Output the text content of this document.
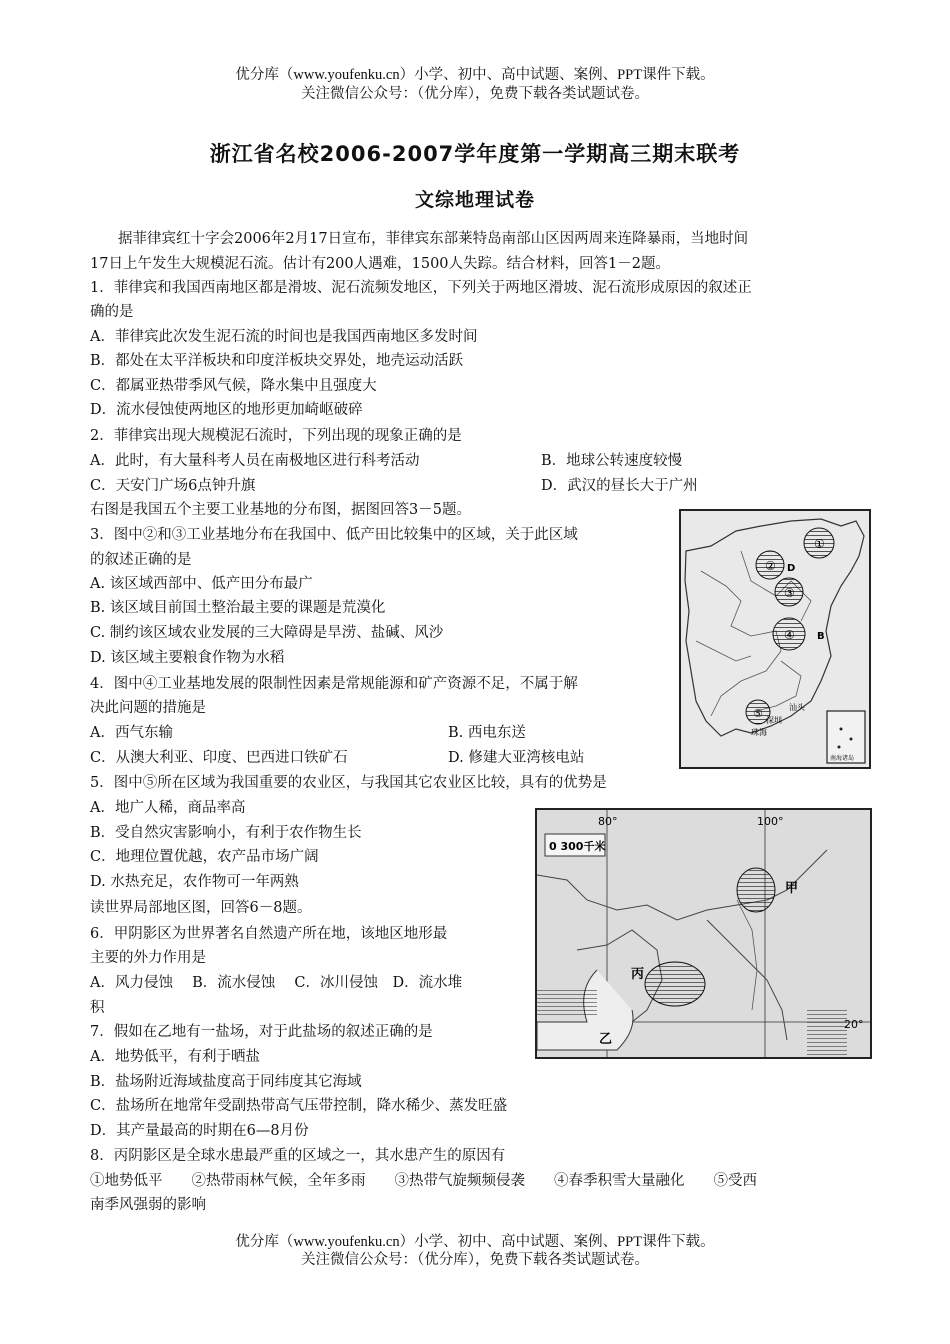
优分库（www.youfenku.cn）小学、初中、高中试题、案例、PPT课件下载。
关注微信公众号：（优分库），免费下载各类试题试卷。
浙江省名校2006-2007学年度第一学期高三期末联考
文综地理试卷
据菲律宾红十字会2006年2月17日宣布，菲律宾东部莱特岛南部山区因两周来连降暴雨，当地时间
17日上午发生大规模泥石流。估计有200人遇难，1500人失踪。结合材料，回答1－2题。
1．菲律宾和我国西南地区都是滑坡、泥石流频发地区，下列关于两地区滑坡、泥石流形成原因的叙述正
确的是
A．菲律宾此次发生泥石流的时间也是我国西南地区多发时间
B．都处在太平洋板块和印度洋板块交界处，地壳运动活跃
C．都属亚热带季风气候，降水集中且强度大
D．流水侵蚀使两地区的地形更加崎岖破碎
2．菲律宾出现大规模泥石流时，下列出现的现象正确的是
A．此时，有大量科考人员在南极地区进行科考活动	B．地球公转速度较慢
C．天安门广场6点钟升旗	D．武汉的昼长大于广州
右图是我国五个主要工业基地的分布图，据图回答3－5题。
3．图中②和③工业基地分布在我国中、低产田比较集中的区域，关于此区域
的叙述正确的是
A. 该区域西部中、低产田分布最广
B. 该区域目前国土整治最主要的课题是荒漠化
C. 制约该区域农业发展的三大障碍是旱涝、盐碱、风沙
D. 该区域主要粮食作物为水稻
4．图中④工业基地发展的限制性因素是常规能源和矿产资源不足，不属于解
决此问题的措施是
A．西气东输	B. 西电东送
C．从澳大利亚、印度、巴西进口铁矿石	D. 修建大亚湾核电站
5．图中⑤所在区域为我国重要的农业区，与我国其它农业区比较，具有的优势是
A．地广人稀，商品率高
B．受自然灾害影响小，有利于农作物生长
C．地理位置优越，农产品市场广阔
D. 水热充足，农作物可一年两熟
读世界局部地区图，回答6－8题。
6．甲阴影区为世界著名自然遗产所在地，该地区地形最
主要的外力作用是
A．风力侵蚀　 B．流水侵蚀　 C．冰川侵蚀　D．流水堆
积
7．假如在乙地有一盐场，对于此盐场的叙述正确的是
A．地势低平，有利于晒盐
B．盐场附近海域盐度高于同纬度其它海域
C．盐场所在地常年受副热带高气压带控制，降水稀少、蒸发旺盛
D．其产量最高的时期在6—8月份
8．丙阴影区是全球水患最严重的区域之一，其水患产生的原因有
①地势低平　　②热带雨林气候，全年多雨　　③热带气旋频频侵袭　　④春季积雪大量融化　　⑤受西
南季风强弱的影响
优分库（www.youfenku.cn）小学、初中、高中试题、案例、PPT课件下载。
关注微信公众号：（优分库），免费下载各类试题试卷。
①
②
③
④
⑤
D
B
汕头
深圳
珠海
南海诸岛
0 300千米
80°	100°
20°
甲
丙
乙
